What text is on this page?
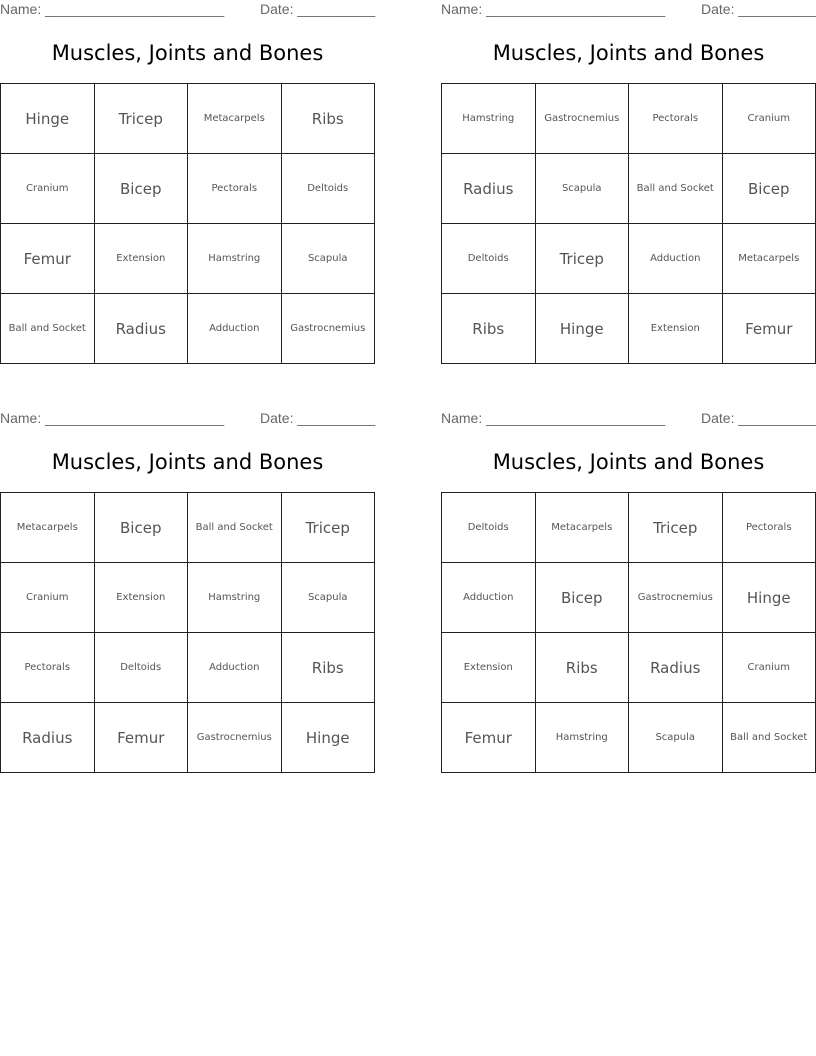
Name: _______________________	Date: __________
Muscles, Joints and Bones
Hinge	Tricep	Metacarpels	Ribs
Cranium	Bicep	Pectorals	Deltoids
Femur	Extension	Hamstring	Scapula
Ball and Socket	Radius	Adduction	Gastrocnemius
Name: _______________________	Date: __________
Muscles, Joints and Bones
Hamstring	Gastrocnemius	Pectorals	Cranium
Radius	Scapula	Ball and Socket	Bicep
Deltoids	Tricep	Adduction	Metacarpels
Ribs	Hinge	Extension	Femur
Name: _______________________	Date: __________
Muscles, Joints and Bones
Metacarpels	Bicep	Ball and Socket	Tricep
Cranium	Extension	Hamstring	Scapula
Pectorals	Deltoids	Adduction	Ribs
Radius	Femur	Gastrocnemius	Hinge
Name: _______________________	Date: __________
Muscles, Joints and Bones
Deltoids	Metacarpels	Tricep	Pectorals
Adduction	Bicep	Gastrocnemius	Hinge
Extension	Ribs	Radius	Cranium
Femur	Hamstring	Scapula	Ball and Socket
